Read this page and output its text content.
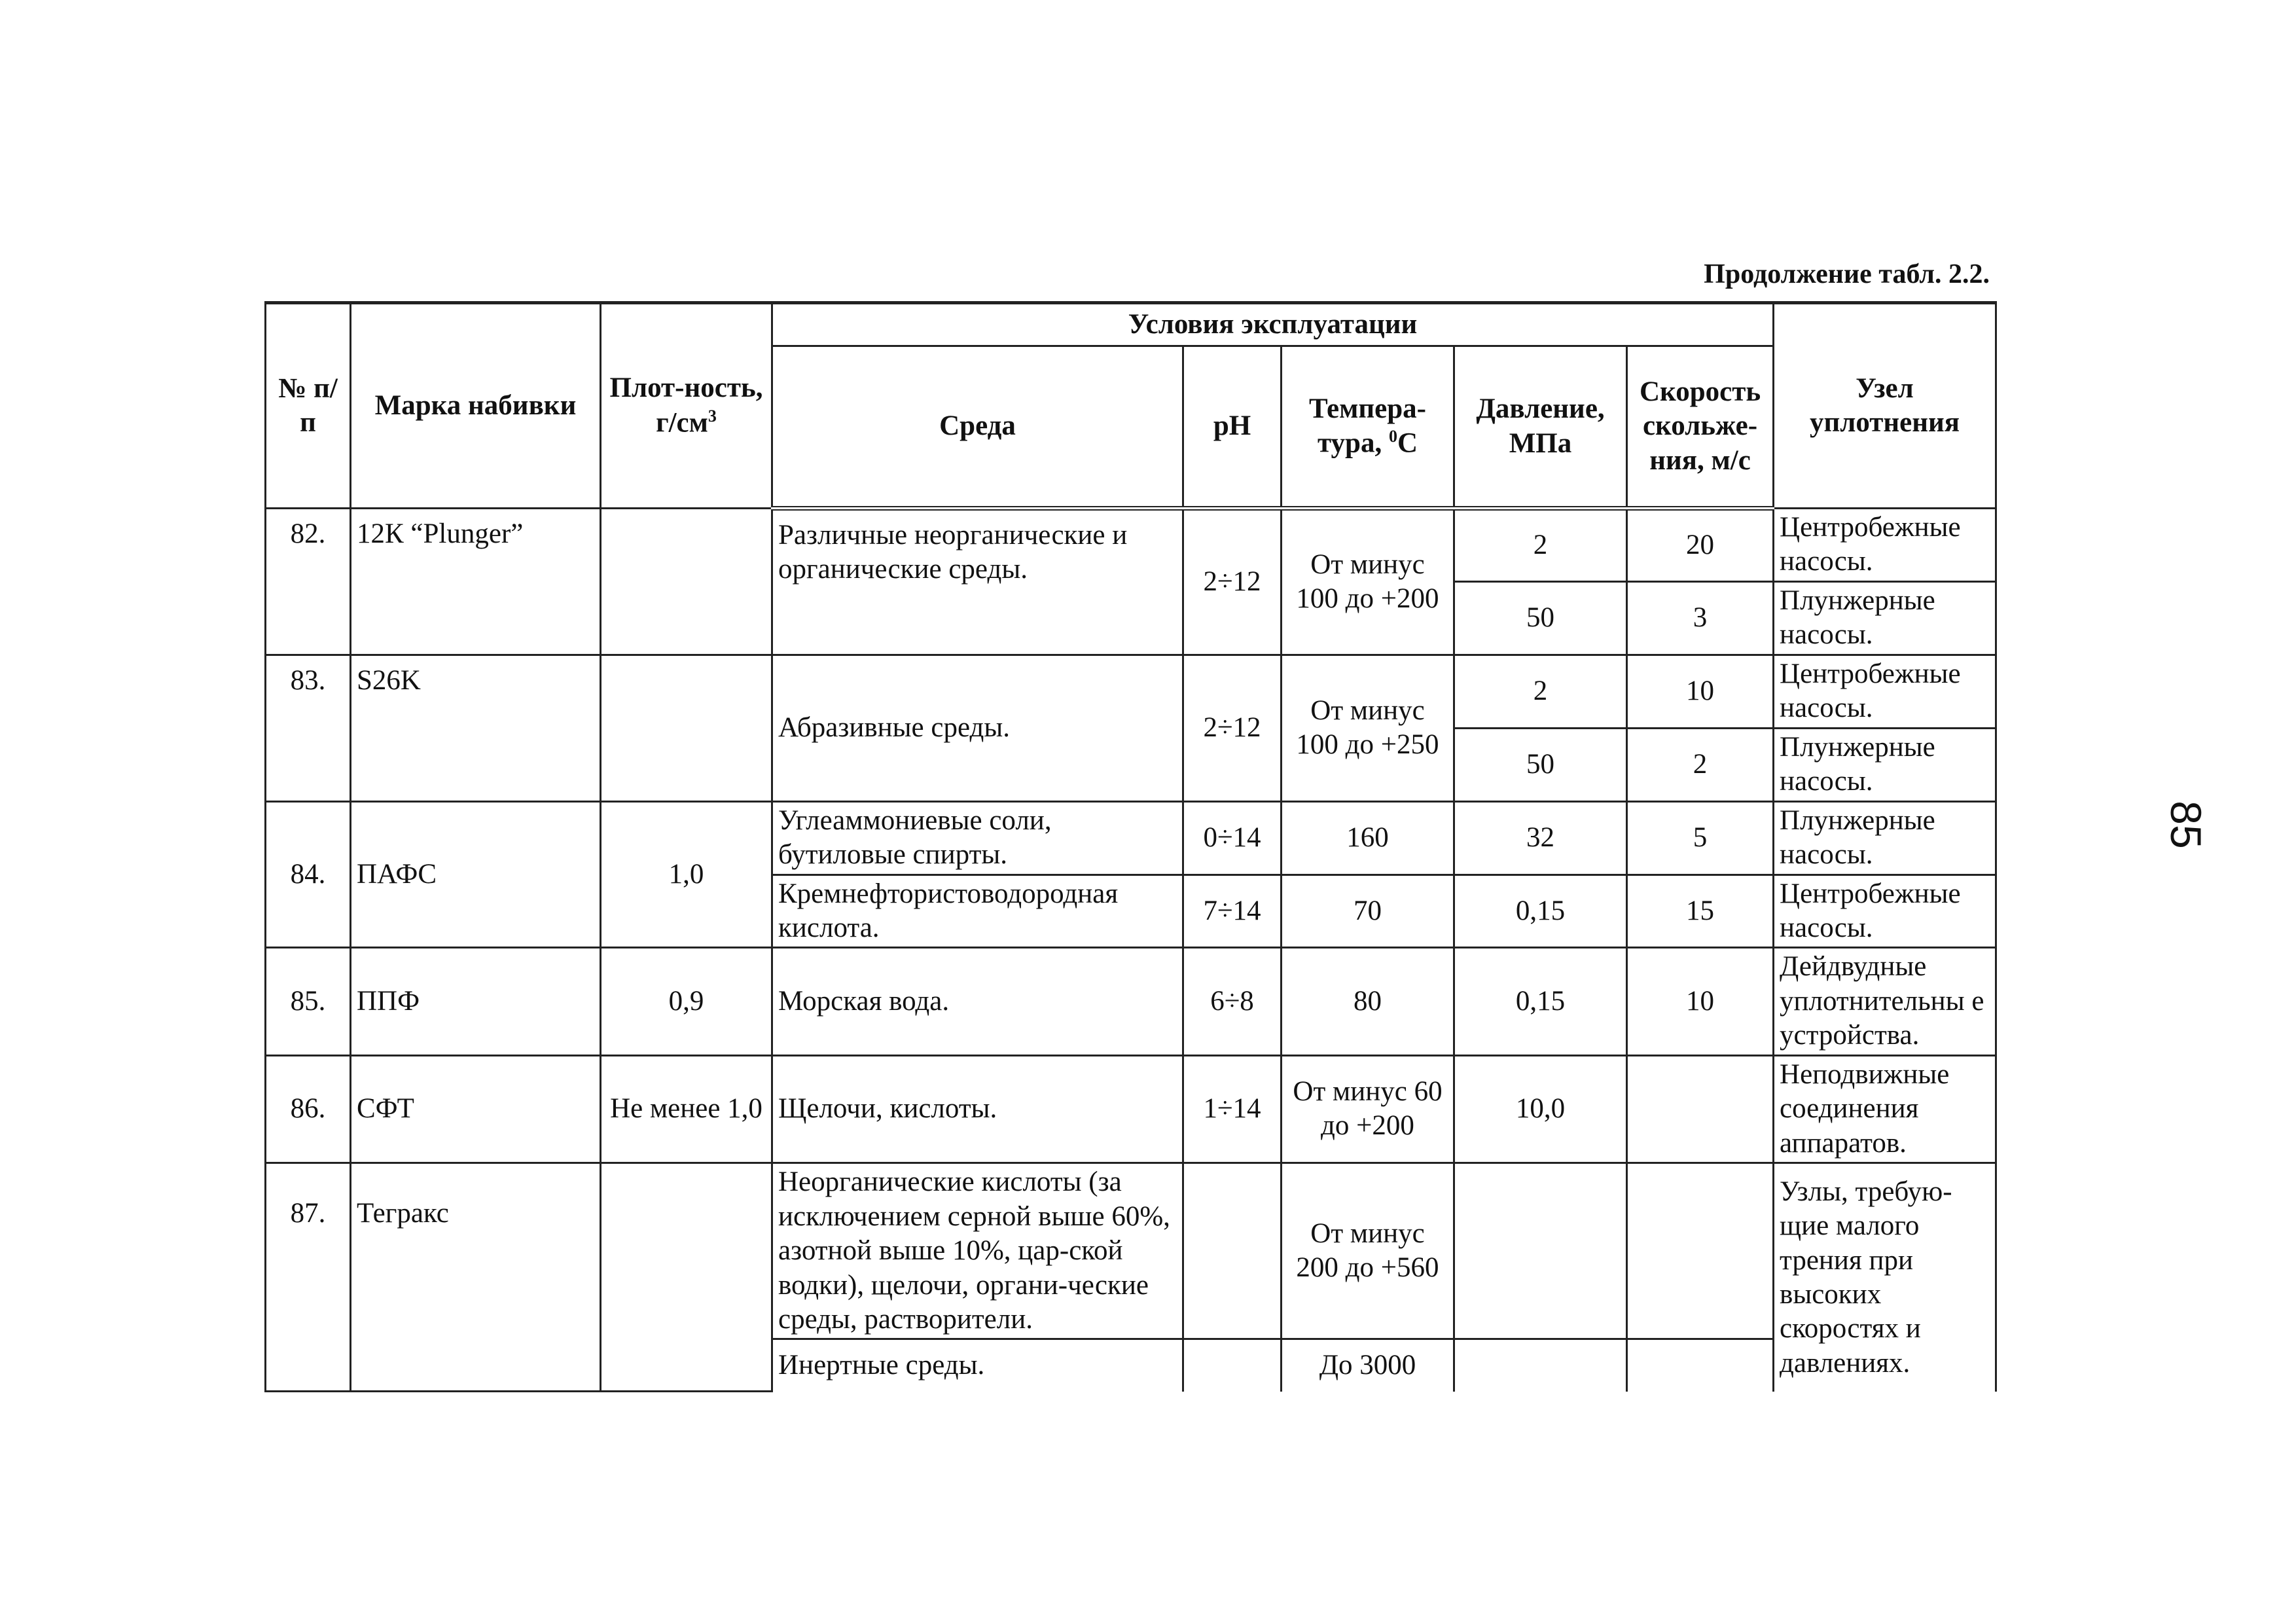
Продолжение табл. 2.2.
85
№ п/п	Марка набивки	Плот-ность, $г/см^3$	Условия эксплуатации					Узел уплотнения
			Среда	рН	Темпера-тура, $^0$С	Давление, МПа	Скорость скольже-ния, м/с	
82.	12К “Plunger”		Различные неорганические и органические среды.	2÷12	От минус 100 до +200	2	20	Центробежные насосы.
						50	3	Плунжерные насосы.
83.	S26K		Абразивные среды.	2÷12	От минус 100 до +250	2	10	Центробежные насосы.
						50	2	Плунжерные насосы.
84.	ПАФС	1,0	Углеаммониевые соли, бутиловые спирты.	0÷14	160	32	5	Плунжерные насосы.
			Кремнефтористоводородная кислота.	7÷14	70	0,15	15	Центробежные насосы.
85.	ППФ	0,9	Морская вода.	6÷8	80	0,15	10	Дейдвудные уплотнительны е устройства.
86.	СФТ	Не менее 1,0	Щелочи, кислоты.	1÷14	От минус 60 до +200	10,0		Неподвижные соединения аппаратов.
87.	Тегракс		Неорганические кислоты (за исключением серной выше 60%, азотной выше 10%, цар-ской водки), щелочи, органи-ческие среды, растворители.		От минус 200 до +560			Узлы, требую-щие малого трения при высоких скоростях и давлениях.
			Инертные среды.		До 3000			
